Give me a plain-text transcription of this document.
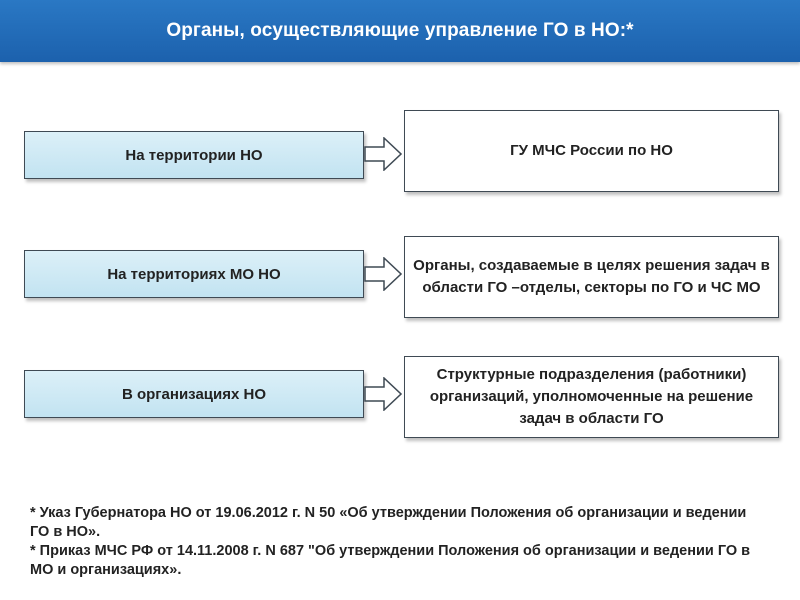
Органы, осуществляющие управление ГО в НО:*
На территории НО	ГУ МЧС России по НО
На территориях МО НО	Органы, создаваемые в целях решения задач в области ГО –отделы, секторы по ГО и ЧС МО
В организациях НО
Структурные подразделения (работники) организаций, уполномоченные на решение задач в области ГО
* Указ Губернатора НО от 19.06.2012 г. N 50 «Об утверждении Положения об организации и ведении ГО в НО».
* Приказ МЧС РФ от 14.11.2008 г. N 687 "Об утверждении Положения об организации и ведении ГО в МО и организациях».
